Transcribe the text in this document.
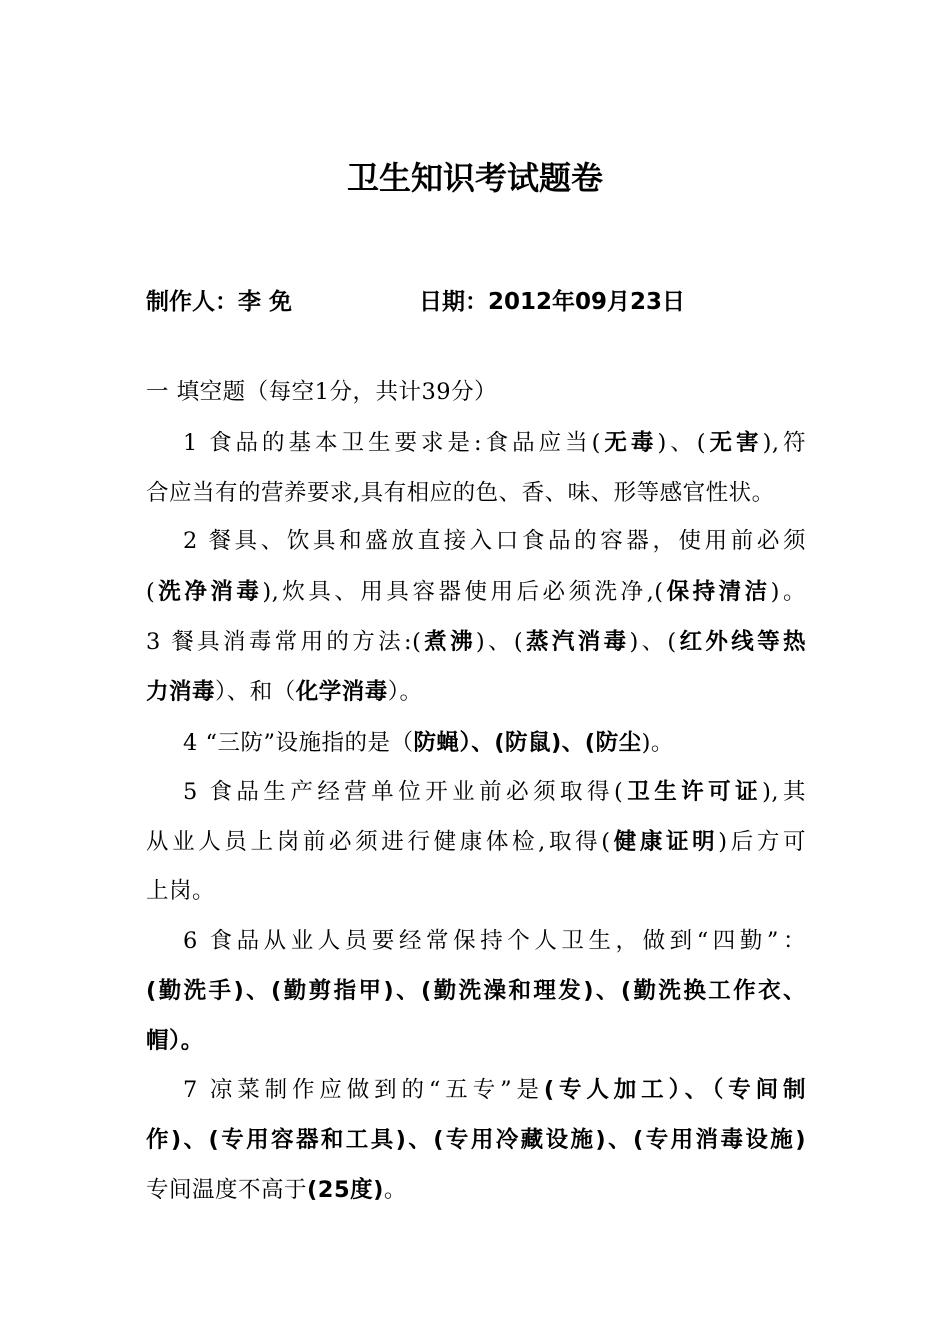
卫生知识考试题卷
制作人：李 免	日期：2012年09月23日
一 填空题（每空1分，共计39分）
1 食品的基本卫生要求是:食品应当(无毒)、(无害),符
合应当有的营养要求,具有相应的色、香、味、形等感官性状。
2 餐具、饮具和盛放直接入口食品的容器，使用前必须
(洗净消毒),炊具、用具容器使用后必须洗净,(保持清洁)。
3 餐具消毒常用的方法:(煮沸)、(蒸汽消毒)、(红外线等热
力消毒）、和（化学消毒）。
4 “三防”设施指的是（防蝇）、(防鼠)、(防尘)。
5 食品生产经营单位开业前必须取得(卫生许可证),其
从业人员上岗前必须进行健康体检,取得(健康证明)后方可
上岗。
6 食品从业人员要经常保持个人卫生，做到“四勤”：
(勤洗手)、(勤剪指甲)、(勤洗澡和理发)、(勤洗换工作衣、
帽）。
7 凉菜制作应做到的“五专”是(专人加工）、（专间制
作)、(专用容器和工具)、(专用冷藏设施)、(专用消毒设施)
专间温度不高于(25度)。
